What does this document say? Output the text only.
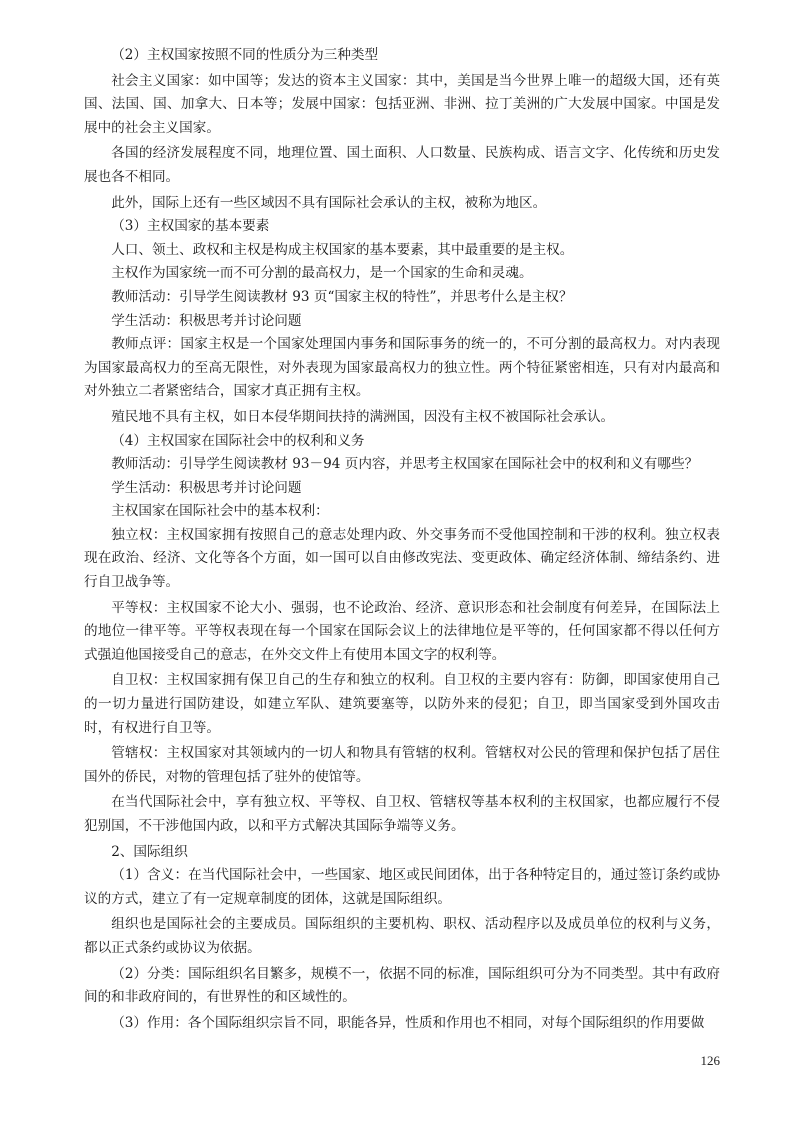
（2）主权国家按照不同的性质分为三种类型

社会主义国家：如中国等；发达的资本主义国家：其中，美国是当今世界上唯一的超级大国，还有英国、法国、国、加拿大、日本等；发展中国家：包括亚洲、非洲、拉丁美洲的广大发展中国家。中国是发展中的社会主义国家。

各国的经济发展程度不同，地理位置、国土面积、人口数量、民族构成、语言文字、化传统和历史发展也各不相同。

此外，国际上还有一些区域因不具有国际社会承认的主权，被称为地区。

（3）主权国家的基本要素

人口、领土、政权和主权是构成主权国家的基本要素，其中最重要的是主权。

主权作为国家统一而不可分割的最高权力，是一个国家的生命和灵魂。

教师活动：引导学生阅读教材 93 页“国家主权的特性”，并思考什么是主权？

学生活动：积极思考并讨论问题

教师点评：国家主权是一个国家处理国内事务和国际事务的统一的，不可分割的最高权力。对内表现为国家最高权力的至高无限性，对外表现为国家最高权力的独立性。两个特征紧密相连，只有对内最高和对外独立二者紧密结合，国家才真正拥有主权。

殖民地不具有主权，如日本侵华期间扶持的满洲国，因没有主权不被国际社会承认。

（4）主权国家在国际社会中的权利和义务

教师活动：引导学生阅读教材 93－94 页内容，并思考主权国家在国际社会中的权利和义有哪些？

学生活动：积极思考并讨论问题

主权国家在国际社会中的基本权利：

独立权：主权国家拥有按照自己的意志处理内政、外交事务而不受他国控制和干涉的权利。独立权表现在政治、经济、文化等各个方面，如一国可以自由修改宪法、变更政体、确定经济体制、缔结条约、进行自卫战争等。

平等权：主权国家不论大小、强弱，也不论政治、经济、意识形态和社会制度有何差异，在国际法上的地位一律平等。平等权表现在每一个国家在国际会议上的法律地位是平等的，任何国家都不得以任何方式强迫他国接受自己的意志，在外交文件上有使用本国文字的权利等。

自卫权：主权国家拥有保卫自己的生存和独立的权利。自卫权的主要内容有：防御，即国家使用自己的一切力量进行国防建设，如建立军队、建筑要塞等，以防外来的侵犯；自卫，即当国家受到外国攻击时，有权进行自卫等。

管辖权：主权国家对其领域内的一切人和物具有管辖的权利。管辖权对公民的管理和保护包括了居住国外的侨民，对物的管理包括了驻外的使馆等。

在当代国际社会中，享有独立权、平等权、自卫权、管辖权等基本权利的主权国家，也都应履行不侵犯别国，不干涉他国内政，以和平方式解决其国际争端等义务。

2、国际组织

（1）含义：在当代国际社会中，一些国家、地区或民间团体，出于各种特定目的，通过签订条约或协议的方式，建立了有一定规章制度的团体，这就是国际组织。

组织也是国际社会的主要成员。国际组织的主要机构、职权、活动程序以及成员单位的权利与义务，都以正式条约或协议为依据。

（2）分类：国际组织名目繁多，规模不一，依据不同的标准，国际组织可分为不同类型。其中有政府间的和非政府间的，有世界性的和区域性的。

（3）作用：各个国际组织宗旨不同，职能各异，性质和作用也不相同，对每个国际组织的作用要做

126
